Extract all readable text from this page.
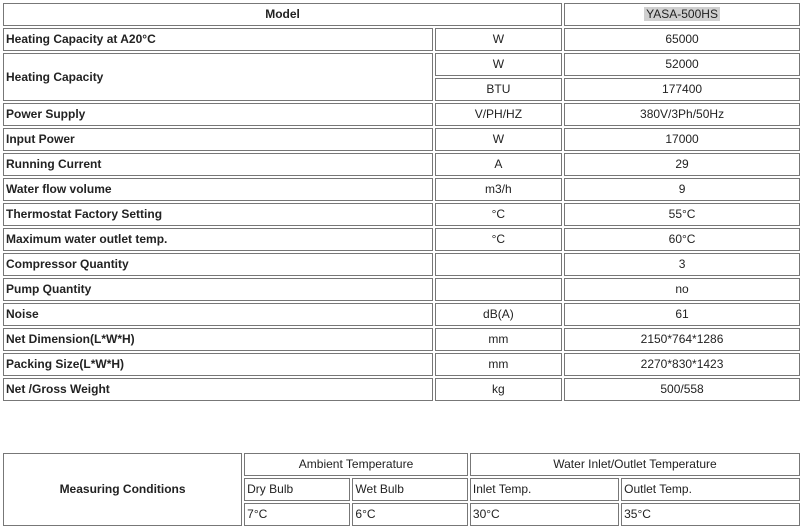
Model		YASA-500HS
Heating Capacity at A20°C	W	65000
Heating Capacity	W	52000
	BTU	177400
Power Supply	V/PH/HZ	380V/3Ph/50Hz
Input Power	W	17000
Running Current	A	29
Water flow volume	m3/h	9
Thermostat Factory Setting	°C	55°C
Maximum water outlet temp.	°C	60°C
Compressor Quantity		3
Pump Quantity		no
Noise	dB(A)	61
Net Dimension(L*W*H)	mm	2150*764*1286
Packing Size(L*W*H)	mm	2270*830*1423
Net /Gross Weight	kg	500/558
Measuring Conditions	Ambient Temperature		Water Inlet/Outlet Temperature	
	Dry Bulb	Wet Bulb	Inlet Temp.	Outlet Temp.
	7°C	6°C	30°C	35°C
